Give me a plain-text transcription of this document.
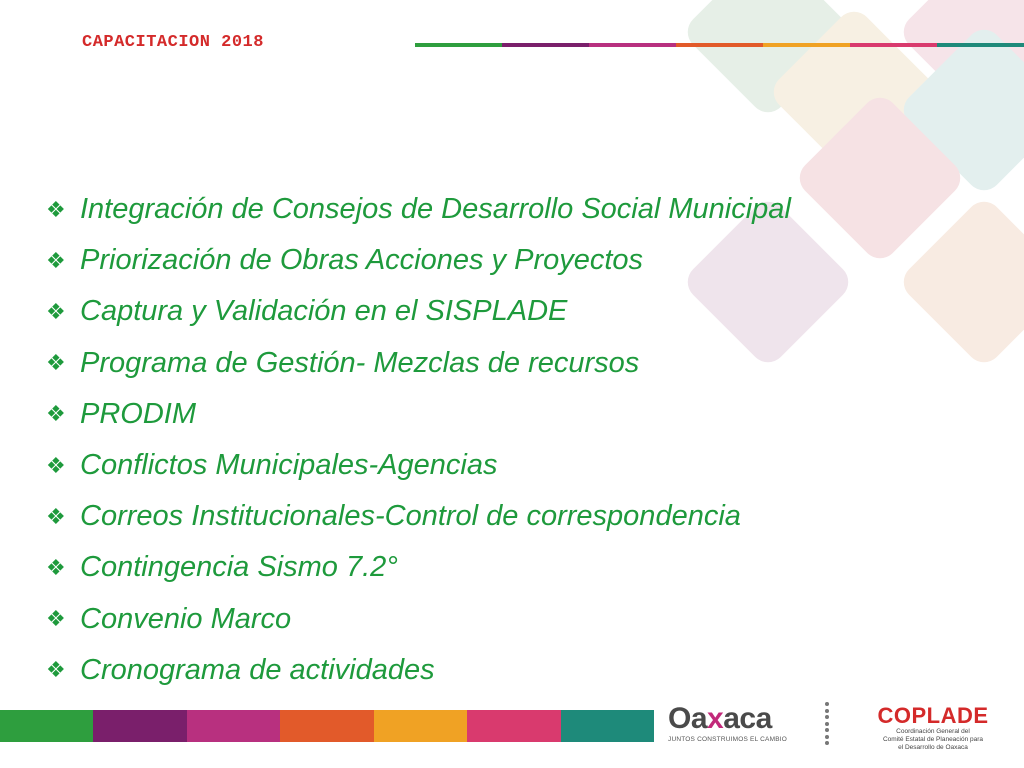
CAPACITACION 2018
❖ Integración de Consejos de Desarrollo Social Municipal
❖ Priorización de Obras Acciones y Proyectos
❖ Captura y Validación en el SISPLADE
❖ Programa de Gestión- Mezclas de recursos
❖ PRODIM
❖ Conflictos Municipales-Agencias
❖ Correos Institucionales-Control de correspondencia
❖ Contingencia Sismo 7.2°
❖ Convenio Marco
❖ Cronograma de actividades
Oaxaca
JUNTOS CONSTRUIMOS EL CAMBIO
COPLADE
Coordinación General del
Comité Estatal de Planeación para
el Desarrollo de Oaxaca
